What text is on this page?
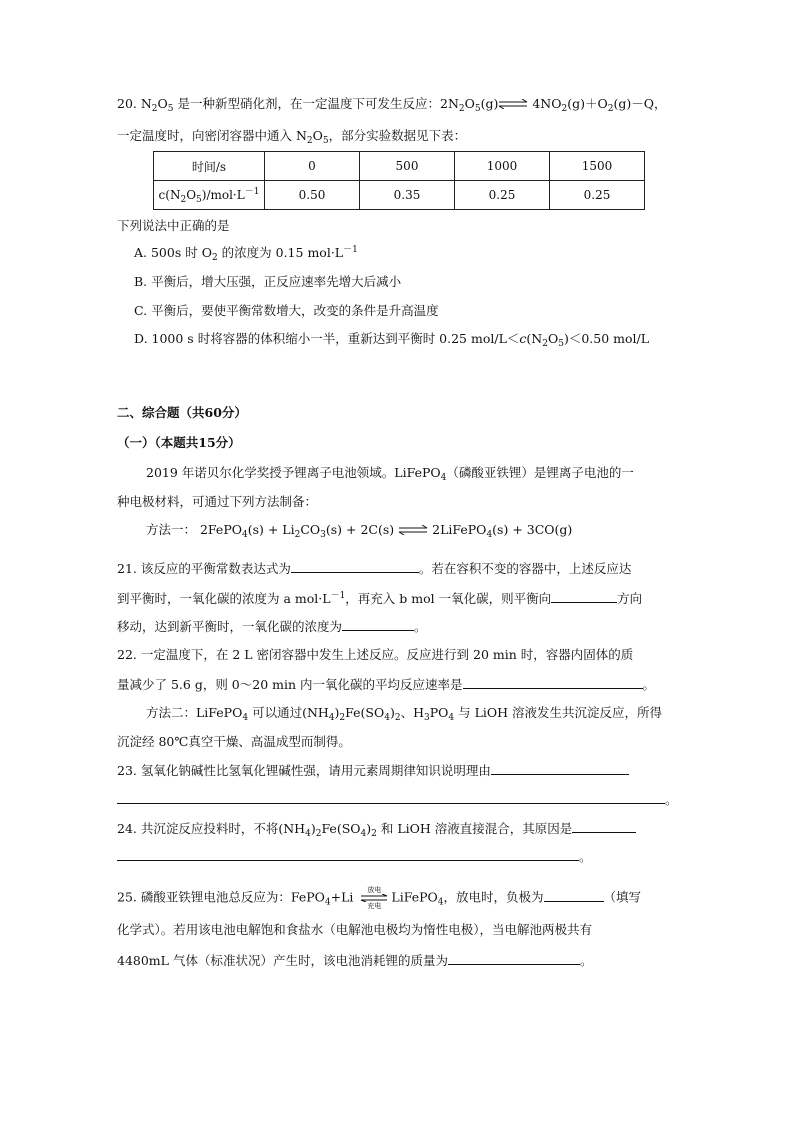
20. $N_2O_5$ 是一种新型硝化剂，在一定温度下可发生反应：$2N_2O_5(g)\rightleftharpoons$ $4NO_2(g)+O_2(g)-Q$，
一定温度时，向密闭容器中通入 $N_2O_5$，部分实验数据见下表：
时间/s	0	500	1000	1500
$c(N_2O_5)/mol\cdot L^{-1}$	0.50	0.35	0.25	0.25
下列说法中正确的是
A. 500s 时 $O_2$ 的浓度为 0.15 $mol\cdot L^{-1}$
B. 平衡后，增大压强，正反应速率先增大后减小
C. 平衡后，要使平衡常数增大，改变的条件是升高温度
D. 1000 s 时将容器的体积缩小一半，重新达到平衡时 0.25 mol/$L<c(N_2O_5)<0.50$ mol/L
二、综合题（共60分）
（一）（本题共15分）
2019 年诺贝尔化学奖授予锂离子电池领域。LiFePO$_4$（磷酸亚铁锂）是锂离子电池的一
种电极材料，可通过下列方法制备：
方法一： 2FePO$_4$(s) + $Li_2CO_3(s) + 2C(s)$ ⇌ 2LiFePO$_4$(s) + 3CO(g)
21. 该反应的平衡常数表达式为	。若在容积不变的容器中，上述反应达
到平衡时，一氧化碳的浓度为 a $mol\cdot L^{-1}$，再充入 b mol 一氧化碳，则平衡向	方向
移动，达到新平衡时，一氧化碳的浓度为	。
22. 一定温度下，在 2 L 密闭容器中发生上述反应。反应进行到 20 min 时，容器内固体的质
量减少了 5.6 g，则 0～20 min 内一氧化碳的平均反应速率是	。
方法二：LiFePO$_4$ 可以通过$(NH_4)_2Fe(SO_4)_2$、$H_3PO_4$ 与 LiOH 溶液发生共沉淀反应，所得
沉淀经 80℃真空干燥、高温成型而制得。
23. 氢氧化钠碱性比氢氧化锂碱性强，请用元素周期律知识说明理由
。
24. 共沉淀反应投料时，不将$(NH_4)_2Fe(SO_4)_2$ 和 LiOH 溶液直接混合，其原因是
。
25. 磷酸亚铁锂电池总反应为：FePO$_4$+Li 放电
充电
LiFePO$_4$，放电时，负极为	（填写
化学式）。若用该电池电解饱和食盐水（电解池电极均为惰性电极），当电解池两极共有
4480mL 气体（标准状况）产生时，该电池消耗锂的质量为	。
